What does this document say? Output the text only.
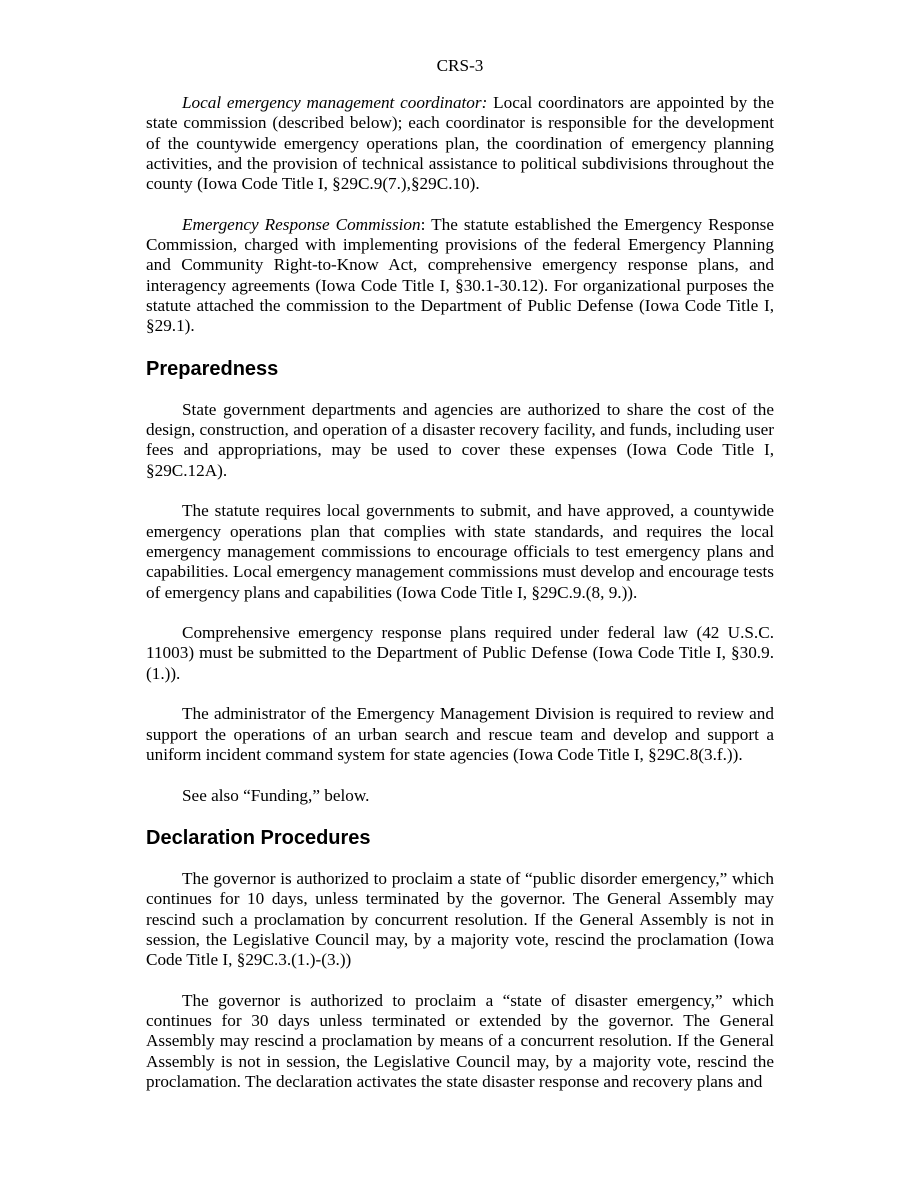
CRS-3

Local emergency management coordinator: Local coordinators are appointed by the state commission (described below); each coordinator is responsible for the development of the countywide emergency operations plan, the coordination of emergency planning activities, and the provision of technical assistance to political subdivisions throughout the county (Iowa Code Title I, §29C.9(7.),§29C.10).

Emergency Response Commission: The statute established the Emergency Response Commission, charged with implementing provisions of the federal Emergency Planning and Community Right-to-Know Act, comprehensive emergency response plans, and interagency agreements (Iowa Code Title I, §30.1-30.12). For organizational purposes the statute attached the commission to the Department of Public Defense (Iowa Code Title I, §29.1).

Preparedness

State government departments and agencies are authorized to share the cost of the design, construction, and operation of a disaster recovery facility, and funds, including user fees and appropriations, may be used to cover these expenses (Iowa Code Title I, §29C.12A).

The statute requires local governments to submit, and have approved, a countywide emergency operations plan that complies with state standards, and requires the local emergency management commissions to encourage officials to test emergency plans and capabilities. Local emergency management commissions must develop and encourage tests of emergency plans and capabilities (Iowa Code Title I, §29C.9.(8, 9.)).

Comprehensive emergency response plans required under federal law (42 U.S.C. 11003) must be submitted to the Department of Public Defense (Iowa Code Title I, §30.9.(1.)).

The administrator of the Emergency Management Division is required to review and support the operations of an urban search and rescue team and develop and support a uniform incident command system for state agencies (Iowa Code Title I, §29C.8(3.f.)).

See also “Funding,” below.

Declaration Procedures

The governor is authorized to proclaim a state of “public disorder emergency,” which continues for 10 days, unless terminated by the governor. The General Assembly may rescind such a proclamation by concurrent resolution. If the General Assembly is not in session, the Legislative Council may, by a majority vote, rescind the proclamation (Iowa Code Title I, §29C.3.(1.)-(3.))

The governor is authorized to proclaim a “state of disaster emergency,” which continues for 30 days unless terminated or extended by the governor. The General Assembly may rescind a proclamation by means of a concurrent resolution. If the General Assembly is not in session, the Legislative Council may, by a majority vote, rescind the proclamation. The declaration activates the state disaster response and recovery plans and
